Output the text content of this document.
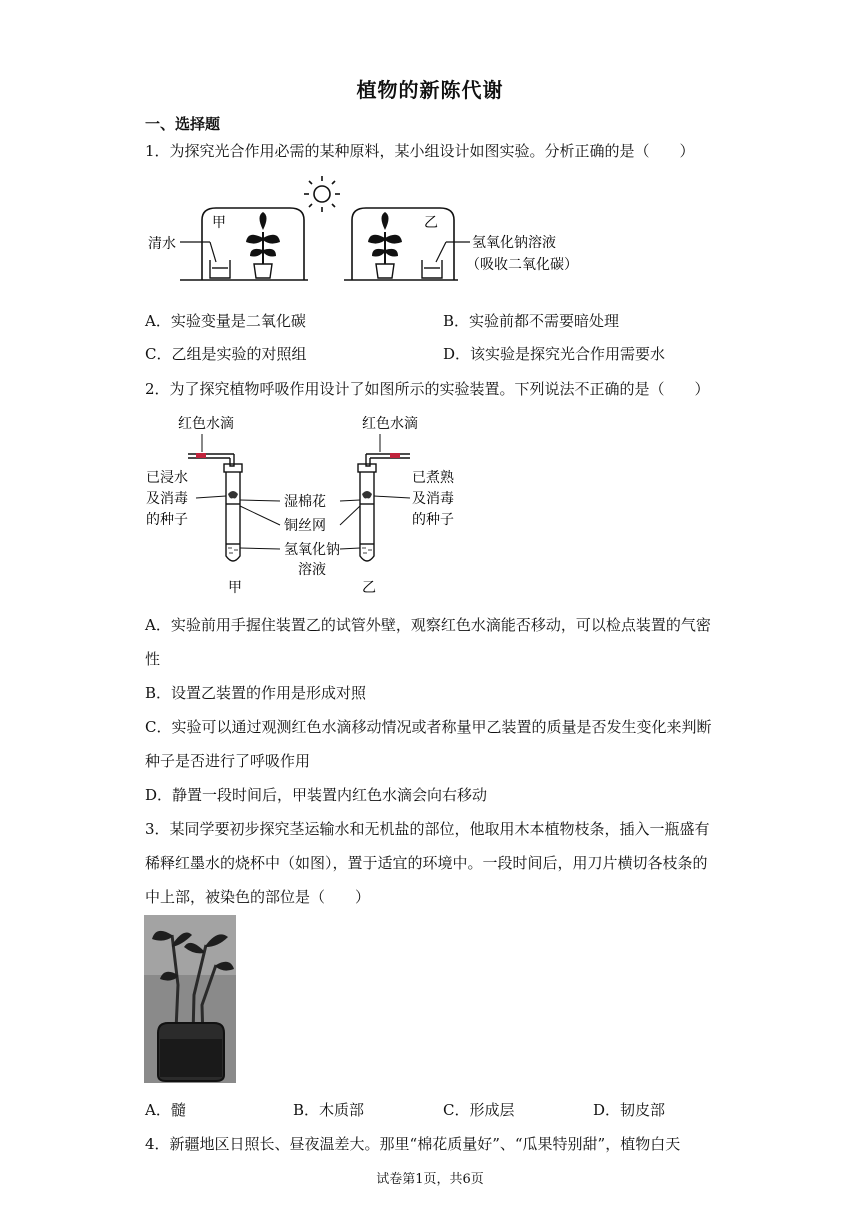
植物的新陈代谢
一、选择题
1．为探究光合作用必需的某种原料，某小组设计如图实验。分析正确的是（　　）
甲
清水
乙
氢氧化钠溶液
（吸收二氧化碳）
A．实验变量是二氧化碳	B．实验前都不需要暗处理
C．乙组是实验的对照组	D．该实验是探究光合作用需要水
2．为了探究植物呼吸作用设计了如图所示的实验装置。下列说法不正确的是（　　）
红色水滴	红色水滴
已浸水
及消毒
的种子
已煮熟
及消毒
的种子
湿棉花
铜丝网
氢氧化钠
溶液
甲	乙
A．实验前用手握住装置乙的试管外壁，观察红色水滴能否移动，可以检点装置的气密
性
B．设置乙装置的作用是形成对照
C．实验可以通过观测红色水滴移动情况或者称量甲乙装置的质量是否发生变化来判断
种子是否进行了呼吸作用
D．静置一段时间后，甲装置内红色水滴会向右移动
3．某同学要初步探究茎运输水和无机盐的部位，他取用木本植物枝条，插入一瓶盛有
稀释红墨水的烧杯中（如图），置于适宜的环境中。一段时间后，用刀片横切各枝条的
中上部，被染色的部位是（　　）
A．髓	B．木质部	C．形成层	D．韧皮部
4．新疆地区日照长、昼夜温差大。那里“棉花质量好”、“瓜果特别甜”，植物白天
试卷第1页，共6页
